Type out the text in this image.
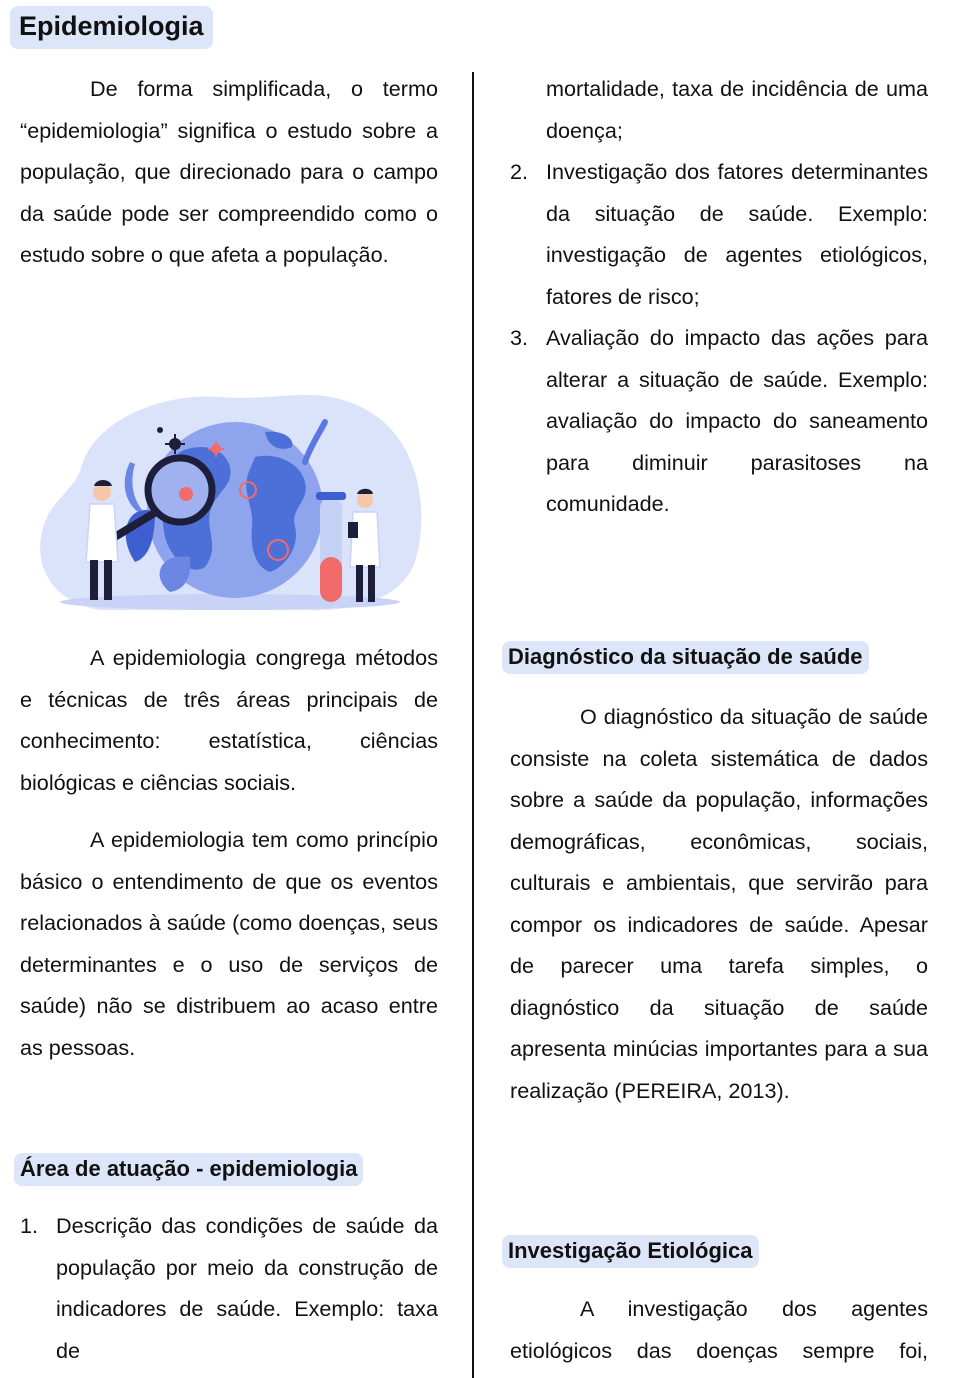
Epidemiologia

De forma simplificada, o termo “epidemiologia” significa o estudo sobre a população, que direcionado para o campo da saúde pode ser compreendido como o estudo sobre o que afeta a população.

A epidemiologia congrega métodos e técnicas de três áreas principais de conhecimento: estatística, ciências biológicas e ciências sociais.

A epidemiologia tem como princípio básico o entendimento de que os eventos relacionados à saúde (como doenças, seus determinantes e o uso de serviços de saúde) não se distribuem ao acaso entre as pessoas.

Área de atuação - epidemiologia
1. Descrição das condições de saúde da população por meio da construção de indicadores de saúde. Exemplo: taxa de
mortalidade, taxa de incidência de uma doença;
2. Investigação dos fatores determinantes da situação de saúde. Exemplo: investigação de agentes etiológicos, fatores de risco;
3. Avaliação do impacto das ações para alterar a situação de saúde. Exemplo: avaliação do impacto do saneamento para diminuir parasitoses na comunidade.
Diagnóstico da situação de saúde

O diagnóstico da situação de saúde consiste na coleta sistemática de dados sobre a saúde da população, informações demográficas, econômicas, sociais, culturais e ambientais, que servirão para compor os indicadores de saúde. Apesar de parecer uma tarefa simples, o diagnóstico da situação de saúde apresenta minúcias importantes para a sua realização (PEREIRA, 2013).

Investigação Etiológica

A investigação dos agentes etiológicos das doenças sempre foi,
